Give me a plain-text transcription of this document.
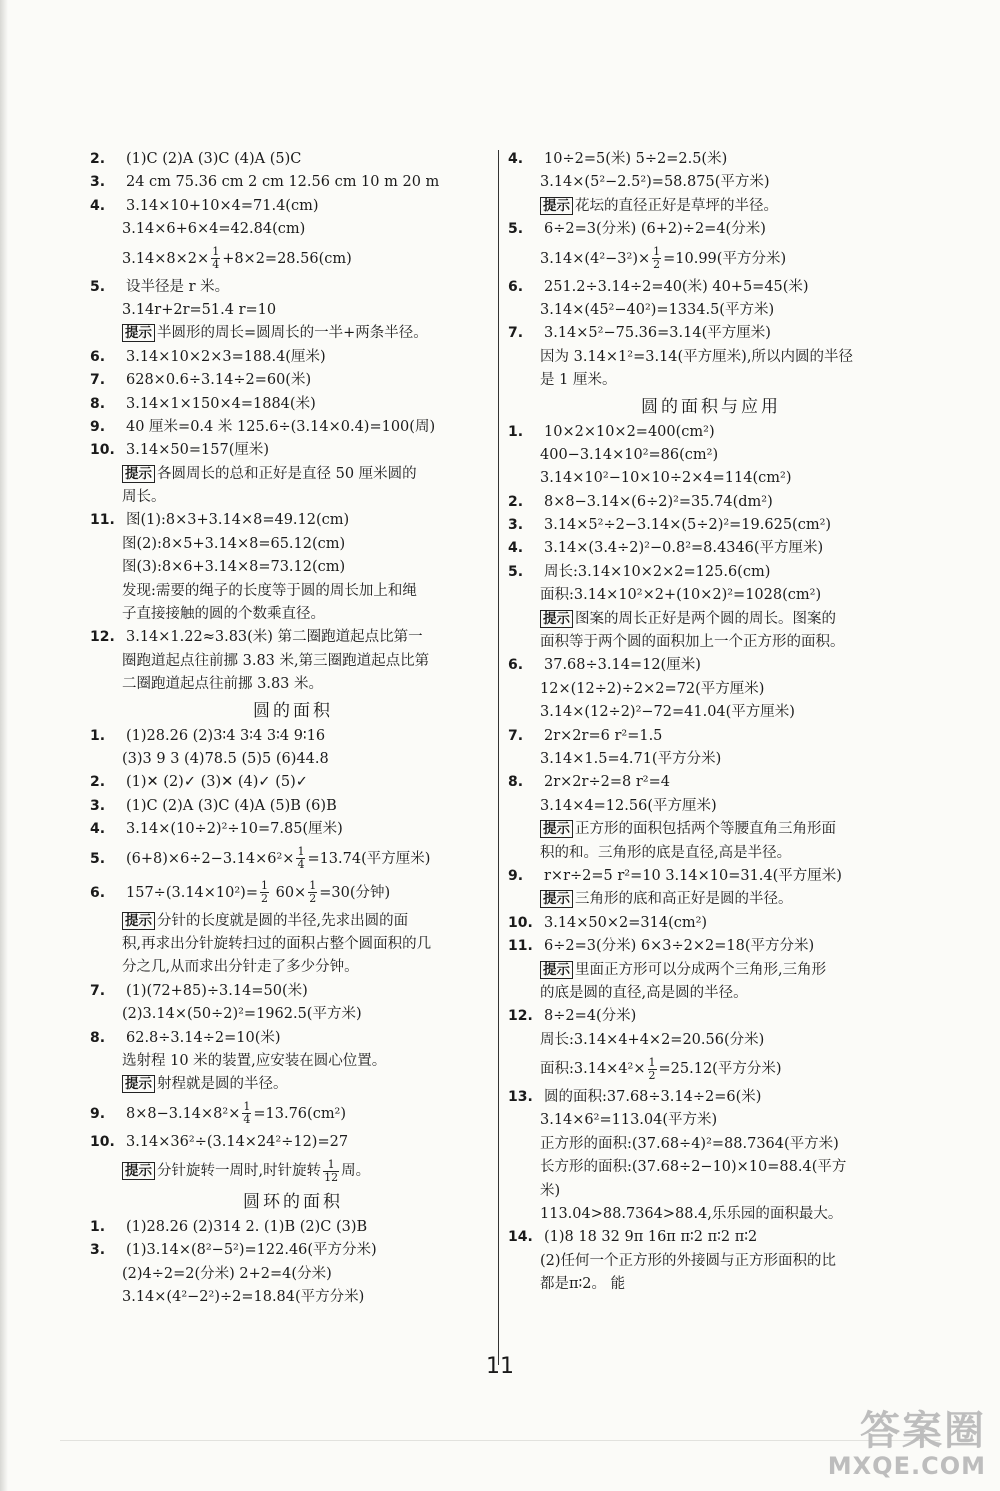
2. (1)C (2)A (3)C (4)A (5)C
3. 24 cm 75.36 cm 2 cm 12.56 cm 10 m 20 m
4. 3.14×10+10×4=71.4(cm)
3.14×6+6×4=42.84(cm)
$3.14\times 8\times 2\times \frac{1}{4} +8\times 2=28.56(cm)$
5. 设半径是 r 米。
3.14r+2r=51.4 r=10
提示 半圆形的周长=圆周长的一半+两条半径。
6. 3.14×10×2×3=188.4(厘米)
7. 628×0.6÷3.14÷2=60(米)
8. 3.14×1×150×4=1884(米)
9. 40 厘米=0.4 米 125.6÷(3.14×0.4)=100(周)
10. 3.14×50=157(厘米)
提示 各圆周长的总和正好是直径 50 厘米圆的
周长。
11. 图(1):8×3+3.14×8=49.12(cm)
图(2):8×5+3.14×8=65.12(cm)
图(3):8×6+3.14×8=73.12(cm)
发现:需要的绳子的长度等于圆的周长加上和绳
子直接接触的圆的个数乘直径。
12. 3.14×1.22≈3.83(米) 第二圈跑道起点比第一
圈跑道起点往前挪 3.83 米,第三圈跑道起点比第
二圈跑道起点往前挪 3.83 米。
圆的面积
1. (1)28.26 (2)3∶4 3∶4 3∶4 9∶16
(3)3 9 3 (4)78.5 (5)5 (6)44.8
2. (1)✕ (2)✓ (3)✕ (4)✓ (5)✓
3. (1)C (2)A (3)C (4)A (5)B (6)B
4. 3.14×(10÷2)²÷10=7.85(厘米)
5. $(6+8)\times 6\div 2-3.14\times 6^2\times \frac{1}{4} =13.74$(平方厘米)
6. $157\div(3.14\times 10^2)= \frac{1}{2} 60\times \frac{1}{2} =30$(分钟)
提示 分针的长度就是圆的半径,先求出圆的面
积,再求出分针旋转扫过的面积占整个圆面积的几
分之几,从而求出分针走了多少分钟。
7. (1)(72+85)÷3.14=50(米)
(2)3.14×(50÷2)²=1962.5(平方米)
8. 62.8÷3.14÷2=10(米)
选射程 10 米的装置,应安装在圆心位置。
提示 射程就是圆的半径。
9. $8\times 8-3.14\times 8^2\times \frac{1}{4} =13.76(cm^2)$
10. 3.14×36²÷(3.14×24²÷12)=27
提示 分针旋转一周时,时针旋转 $\frac{1}{12}$ 周。
圆环的面积
1. (1)28.26 (2)314 2. (1)B (2)C (3)B
3. (1)3.14×(8²−5²)=122.46(平方分米)
(2)4÷2=2(分米) 2+2=4(分米)
3.14×(4²−2²)÷2=18.84(平方分米)
4. 10÷2=5(米) 5÷2=2.5(米)
3.14×(5²−2.5²)=58.875(平方米)
提示 花坛的直径正好是草坪的半径。
5. 6÷2=3(分米) (6+2)÷2=4(分米)
$3.14\times(4^2-3^2)\times \frac{1}{2} =10.99$(平方分米)
6. 251.2÷3.14÷2=40(米) 40+5=45(米)
3.14×(45²−40²)=1334.5(平方米)
7. 3.14×5²−75.36=3.14(平方厘米)
因为 3.14×1²=3.14(平方厘米),所以内圆的半径
是 1 厘米。
圆的面积与应用
1. 10×2×10×2=400(cm²)
400−3.14×10²=86(cm²)
3.14×10²−10×10÷2×4=114(cm²)
2. 8×8−3.14×(6÷2)²=35.74(dm²)
3. 3.14×5²÷2−3.14×(5÷2)²=19.625(cm²)
4. 3.14×(3.4÷2)²−0.8²=8.4346(平方厘米)
5. 周长:3.14×10×2×2=125.6(cm)
面积:3.14×10²×2+(10×2)²=1028(cm²)
提示 图案的周长正好是两个圆的周长。图案的
面积等于两个圆的面积加上一个正方形的面积。
6. 37.68÷3.14=12(厘米)
12×(12÷2)÷2×2=72(平方厘米)
3.14×(12÷2)²−72=41.04(平方厘米)
7. 2r×2r=6 r²=1.5
3.14×1.5=4.71(平方分米)
8. 2r×2r÷2=8 r²=4
3.14×4=12.56(平方厘米)
提示 正方形的面积包括两个等腰直角三角形面
积的和。三角形的底是直径,高是半径。
9. r×r÷2=5 r²=10 3.14×10=31.4(平方厘米)
提示 三角形的底和高正好是圆的半径。
10. 3.14×50×2=314(cm²)
11. 6÷2=3(分米) 6×3÷2×2=18(平方分米)
提示 里面正方形可以分成两个三角形,三角形
的底是圆的直径,高是圆的半径。
12. 8÷2=4(分米)
周长:3.14×4+4×2=20.56(分米)
面积:3.14×4²× $\frac{1}{2} =25.12$(平方分米)
13. 圆的面积:37.68÷3.14÷2=6(米)
3.14×6²=113.04(平方米)
正方形的面积:(37.68÷4)²=88.7364(平方米)
长方形的面积:(37.68÷2−10)×10=88.4(平方
米)
113.04>88.7364>88.4,乐乐园的面积最大。
14. (1)8 18 32 9π 16π π∶2 π∶2 π∶2
(2)任何一个正方形的外接圆与正方形面积的比
都是π∶2。 能
11
答案圈
MXQE.COM
